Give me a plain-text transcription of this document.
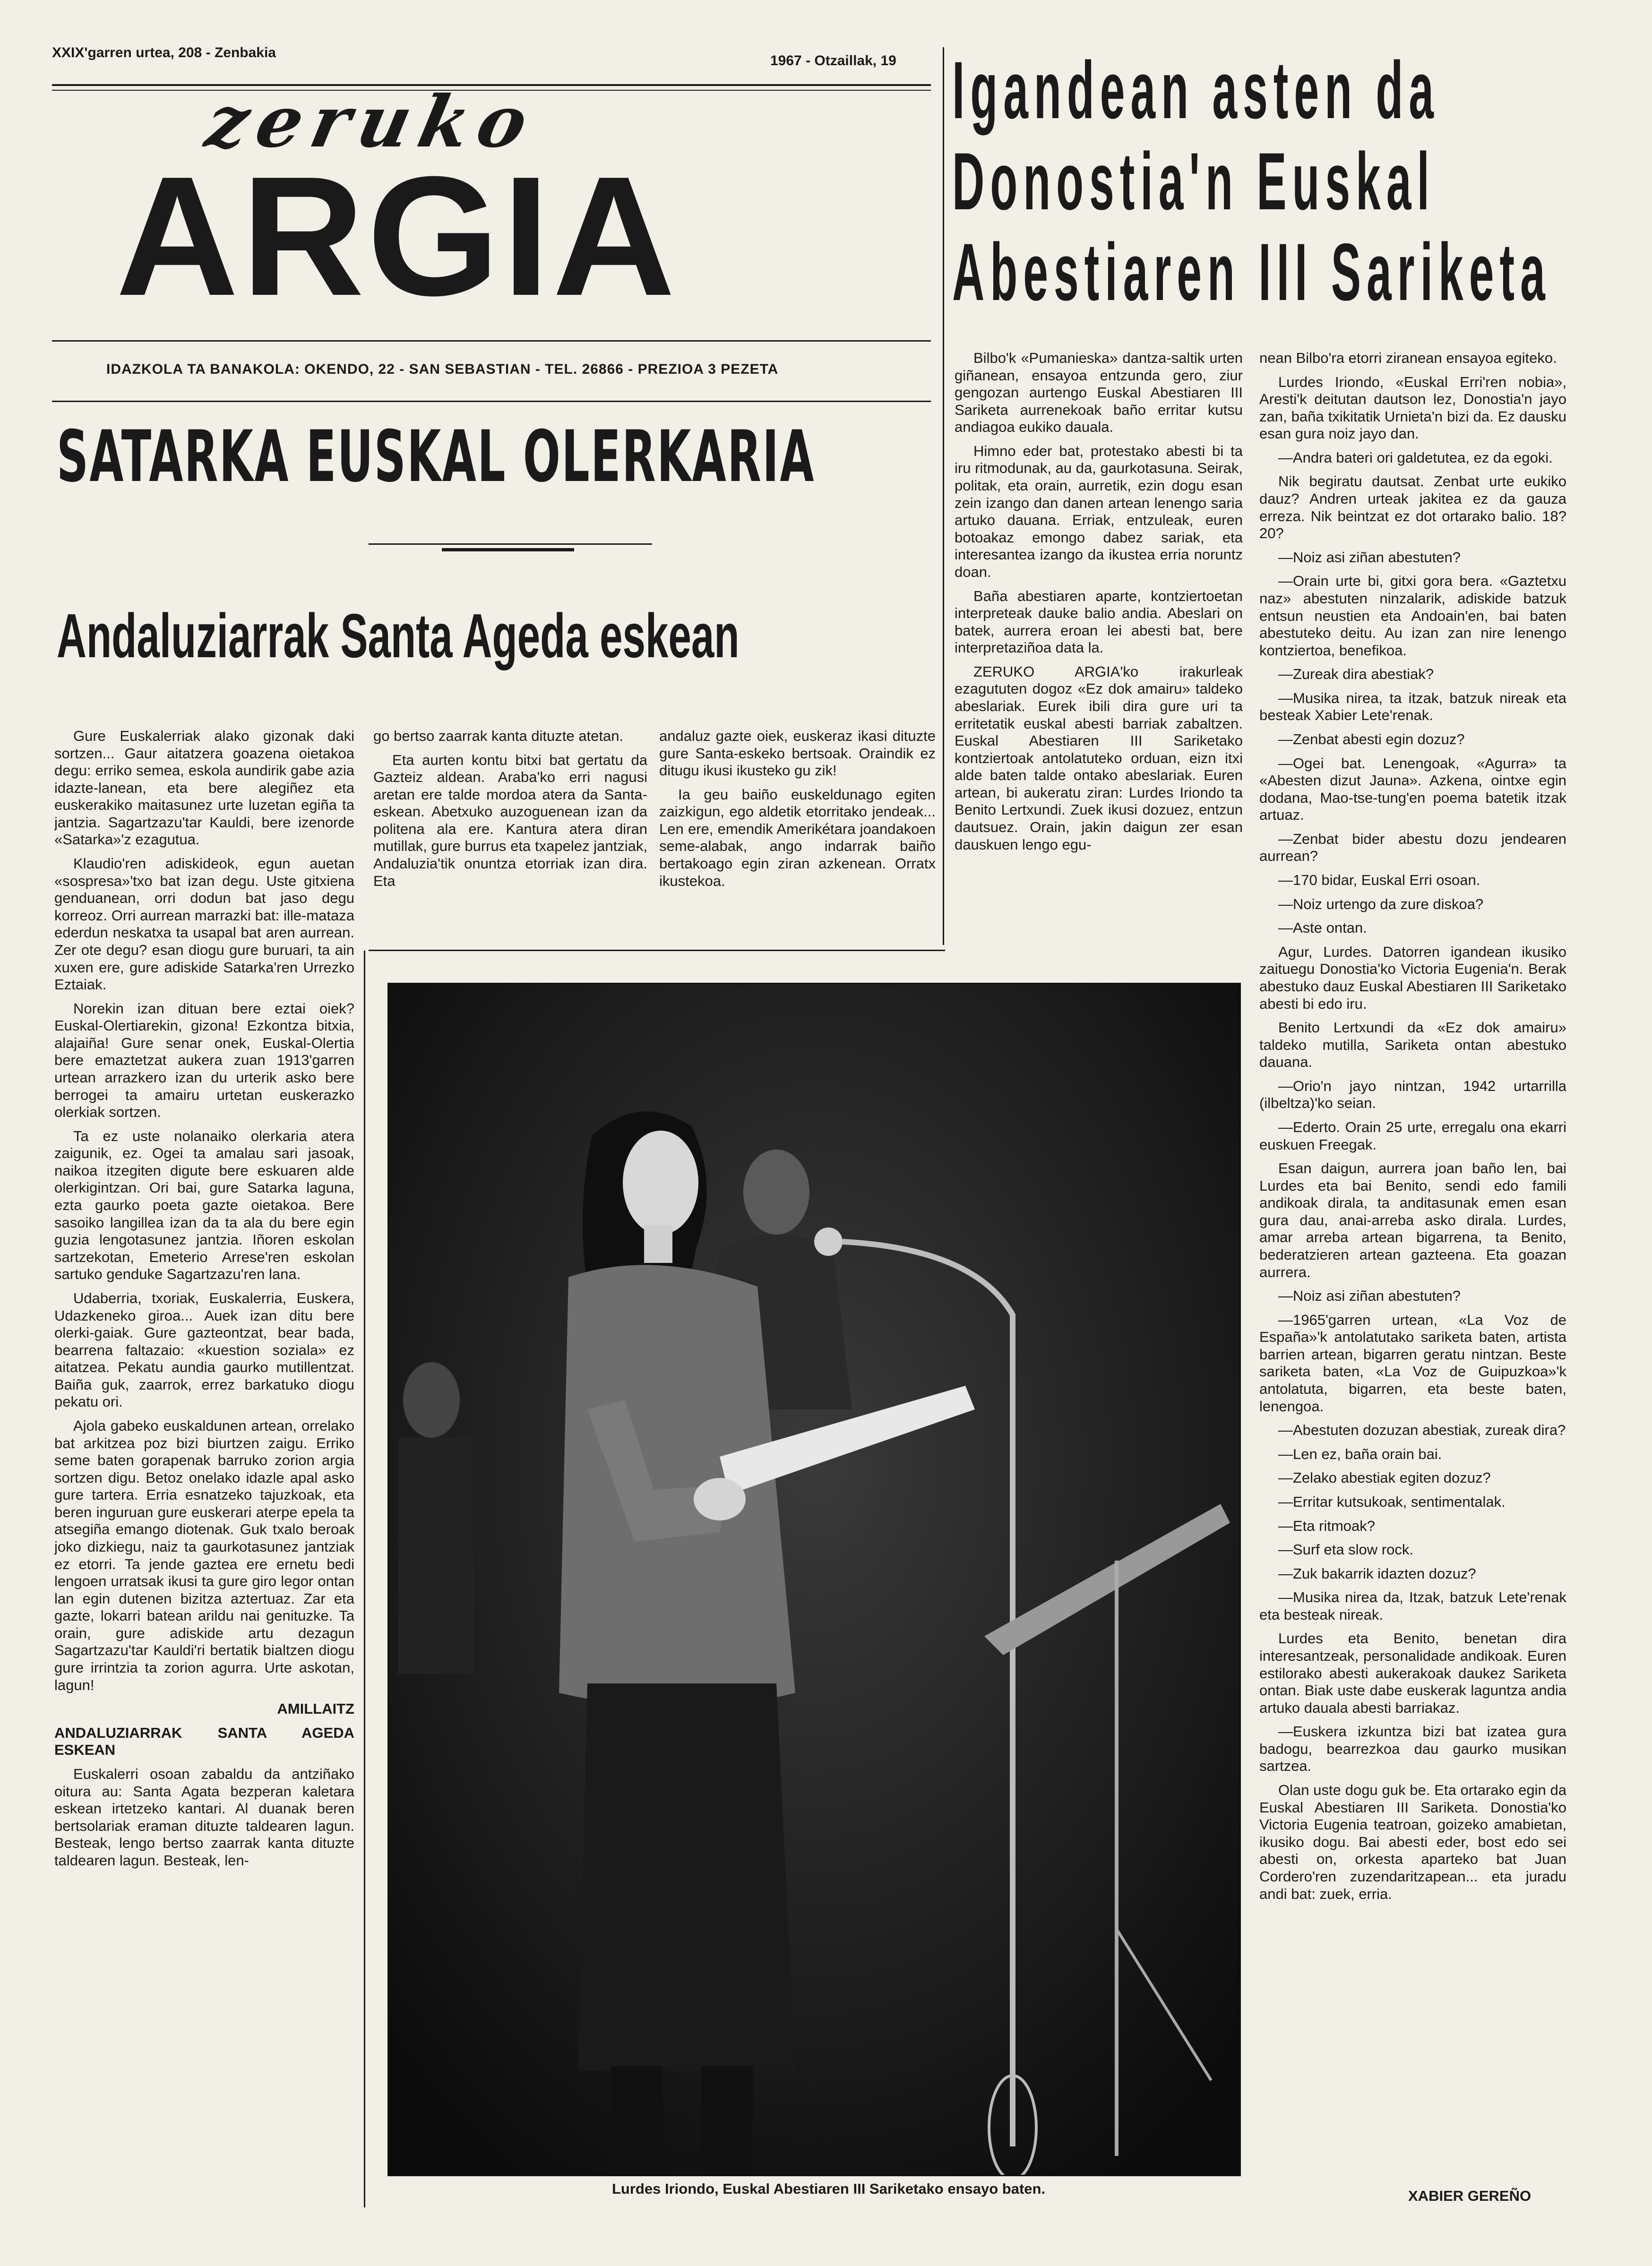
XXIX'garren urtea, 208 - Zenbakia
1967 - Otzaillak, 19
zeruko
ARGIA
IDAZKOLA TA BANAKOLA: OKENDO, 22 - SAN SEBASTIAN - TEL. 26866 - PREZIOA 3 PEZETA
SATARKA EUSKAL OLERKARIA
Andaluziarrak Santa Ageda eskean

Gure Euskalerriak alako gizonak daki sortzen... Gaur aitatzera goazena oietakoa degu: erriko semea, eskola aundirik gabe azia idazte-lanean, eta bere alegiñez eta euskerakiko maitasunez urte luzetan egiña ta jantzia. Sagartzazu'tar Kauldi, bere izenorde «Satarka»'z ezagutua.

Klaudio'ren adiskideok, egun auetan «sospresa»'txo bat izan degu. Uste gitxiena genduanean, orri dodun bat jaso degu korreoz. Orri aurrean marrazki bat: ille-mataza ederdun neskatxa ta usapal bat aren aurrean. Zer ote degu? esan diogu gure buruari, ta ain xuxen ere, gure adiskide Satarka'ren Urrezko Eztaiak.

Norekin izan dituan bere eztai oiek? Euskal-Olertiarekin, gizona! Ezkontza bitxia, alajaiña! Gure senar onek, Euskal-Olertia bere emaztetzat aukera zuan 1913'garren urtean arrazkero izan du urterik asko bere berrogei ta amairu urtetan euskerazko olerkiak sortzen.

Ta ez uste nolanaiko olerkaria atera zaigunik, ez. Ogei ta amalau sari jasoak, naikoa itzegiten digute bere eskuaren alde olerkigintzan. Ori bai, gure Satarka laguna, ezta gaurko poeta gazte oietakoa. Bere sasoiko langillea izan da ta ala du bere egin guzia lengotasunez jantzia. Iñoren eskolan sartzekotan, Emeterio Arrese'ren eskolan sartuko genduke Sagartzazu'ren lana.

Udaberria, txoriak, Euskalerria, Euskera, Udazkeneko giroa... Auek izan ditu bere olerki-gaiak. Gure gazteontzat, bear bada, bearrena faltazaio: «kuestion soziala» ez aitatzea. Pekatu aundia gaurko mutillentzat. Baiña guk, zaarrok, errez barkatuko diogu pekatu ori.

Ajola gabeko euskaldunen artean, orrelako bat arkitzea poz bizi biurtzen zaigu. Erriko seme baten gorapenak barruko zorion argia sortzen digu. Betoz onelako idazle apal asko gure tartera. Erria esnatzeko tajuzkoak, eta beren inguruan gure euskerari aterpe epela ta atsegiña emango diotenak. Guk txalo beroak joko dizkiegu, naiz ta gaurkotasunez jantziak ez etorri. Ta jende gaztea ere ernetu bedi lengoen urratsak ikusi ta gure giro legor ontan lan egin dutenen bizitza aztertuaz. Zar eta gazte, lokarri batean arildu nai genituzke. Ta orain, gure adiskide artu dezagun Sagartzazu'tar Kauldi'ri bertatik bialtzen diogu gure irrintzia ta zorion agurra. Urte askotan, lagun!

AMILLAITZ

ANDALUZIARRAK SANTA AGEDA ESKEAN

Euskalerri osoan zabaldu da antziñako oitura au: Santa Agata bezperan kaletara eskean irtetzeko kantari. Al duanak beren bertsolariak eraman dituzte taldearen lagun. Besteak, lengo bertso zaarrak kanta dituzte taldearen lagun. Besteak, len-

go bertso zaarrak kanta dituzte atetan.

Eta aurten kontu bitxi bat gertatu da Gazteiz aldean. Araba'ko erri nagusi aretan ere talde mordoa atera da Santa-eskean. Abetxuko auzoguenean izan da politena ala ere. Kantura atera diran mutillak, gure burrus eta txapelez jantziak, Andaluzia'tik onuntza etorriak izan dira. Eta

andaluz gazte oiek, euskeraz ikasi dituzte gure Santa-eskeko bertsoak. Oraindik ez ditugu ikusi ikusteko gu zik!

Ia geu baiño euskeldunago egiten zaizkigun, ego aldetik etorritako jendeak... Len ere, emendik Amerikétara joandakoen seme-alabak, ango indarrak baiño bertakoago egin ziran azkenean. Orratx ikustekoa.

Igandean asten da
Donostia'n Euskal
Abestiaren III Sariketa

Bilbo'k «Pumanieska» dantza-saltik urten giñanean, ensayoa entzunda gero, ziur gengozan aurtengo Euskal Abestiaren III Sariketa aurrenekoak baño erritar kutsu andiagoa eukiko dauala.

Himno eder bat, protestako abesti bi ta iru ritmodunak, au da, gaurkotasuna. Seirak, politak, eta orain, aurretik, ezin dogu esan zein izango dan danen artean lenengo saria artuko dauana. Erriak, entzuleak, euren botoakaz emongo dabez sariak, eta interesantea izango da ikustea erria noruntz doan.

Baña abestiaren aparte, kontziertoetan interpreteak dauke balio andia. Abeslari on batek, aurrera eroan lei abesti bat, bere interpretaziñoa data la.

ZERUKO ARGIA'ko irakurleak ezagututen dogoz «Ez dok amairu» taldeko abeslariak. Eurek ibili dira gure uri ta erritetatik euskal abesti barriak zabaltzen. Euskal Abestiaren III Sariketako kontziertoak antolatuteko orduan, eizn itxi alde baten talde ontako abeslariak. Euren artean, bi aukeratu ziran: Lurdes Iriondo ta Benito Lertxundi. Zuek ikusi dozuez, entzun dautsuez. Orain, jakin daigun zer esan dauskuen lengo egu-

nean Bilbo'ra etorri ziranean ensayoa egiteko.

Lurdes Iriondo, «Euskal Erri'ren nobia», Aresti'k deitutan dautson lez, Donostia'n jayo zan, baña txikitatik Urnieta'n bizi da. Ez dausku esan gura noiz jayo dan.

—Andra bateri ori galdetutea, ez da egoki.

Nik begiratu dautsat. Zenbat urte eukiko dauz? Andren urteak jakitea ez da gauza erreza. Nik beintzat ez dot ortarako balio. 18? 20?

—Noiz asi ziñan abestuten?

—Orain urte bi, gitxi gora bera. «Gaztetxu naz» abestuten ninzalarik, adiskide batzuk entsun neustien eta Andoain'en, bai baten abestuteko deitu. Au izan zan nire lenengo kontziertoa, benefikoa.

—Zureak dira abestiak?

—Musika nirea, ta itzak, batzuk nireak eta besteak Xabier Lete'renak.

—Zenbat abesti egin dozuz?

—Ogei bat. Lenengoak, «Agurra» ta «Abesten dizut Jauna». Azkena, ointxe egin dodana, Mao-tse-tung'en poema batetik itzak artuaz.

—Zenbat bider abestu dozu jendearen aurrean?

—170 bidar, Euskal Erri osoan.

—Noiz urtengo da zure diskoa?

—Aste ontan.

Agur, Lurdes. Datorren igandean ikusiko zaituegu Donostia'ko Victoria Eugenia'n. Berak abestuko dauz Euskal Abestiaren III Sariketako abesti bi edo iru.

Benito Lertxundi da «Ez dok amairu» taldeko mutilla, Sariketa ontan abestuko dauana.

—Orio'n jayo nintzan, 1942 urtarrilla (ilbeltza)'ko seian.

—Ederto. Orain 25 urte, erregalu ona ekarri euskuen Freegak.

Esan daigun, aurrera joan baño len, bai Lurdes eta bai Benito, sendi edo famili andikoak dirala, ta anditasunak emen esan gura dau, anai-arreba asko dirala. Lurdes, amar arreba artean bigarrena, ta Benito, bederatzieren artean gazteena. Eta goazan aurrera.

—Noiz asi ziñan abestuten?

—1965'garren urtean, «La Voz de España»'k antolatutako sariketa baten, artista barrien artean, bigarren geratu nintzan. Beste sariketa baten, «La Voz de Guipuzkoa»'k antolatuta, bigarren, eta beste baten, lenengoa.

—Abestuten dozuzan abestiak, zureak dira?

—Len ez, baña orain bai.

—Zelako abestiak egiten dozuz?

—Erritar kutsukoak, sentimentalak.

—Eta ritmoak?

—Surf eta slow rock.

—Zuk bakarrik idazten dozuz?

—Musika nirea da, Itzak, batzuk Lete'renak eta besteak nireak.

Lurdes eta Benito, benetan dira interesantzeak, personalidade andikoak. Euren estilorako abesti aukerakoak daukez Sariketa ontan. Biak uste dabe euskerak laguntza andia artuko dauala abesti barriakaz.

—Euskera izkuntza bizi bat izatea gura badogu, bearrezkoa dau gaurko musikan sartzea.

Olan uste dogu guk be. Eta ortarako egin da Euskal Abestiaren III Sariketa. Donostia'ko Victoria Eugenia teatroan, goizeko amabietan, ikusiko dogu. Bai abesti eder, bost edo sei abesti on, orkesta aparteko bat Juan Cordero'ren zuzendaritzapean... eta juradu andi bat: zuek, erria.

XABIER GEREÑO
Lurdes Iriondo, Euskal Abestiaren III Sariketako ensayo baten.
